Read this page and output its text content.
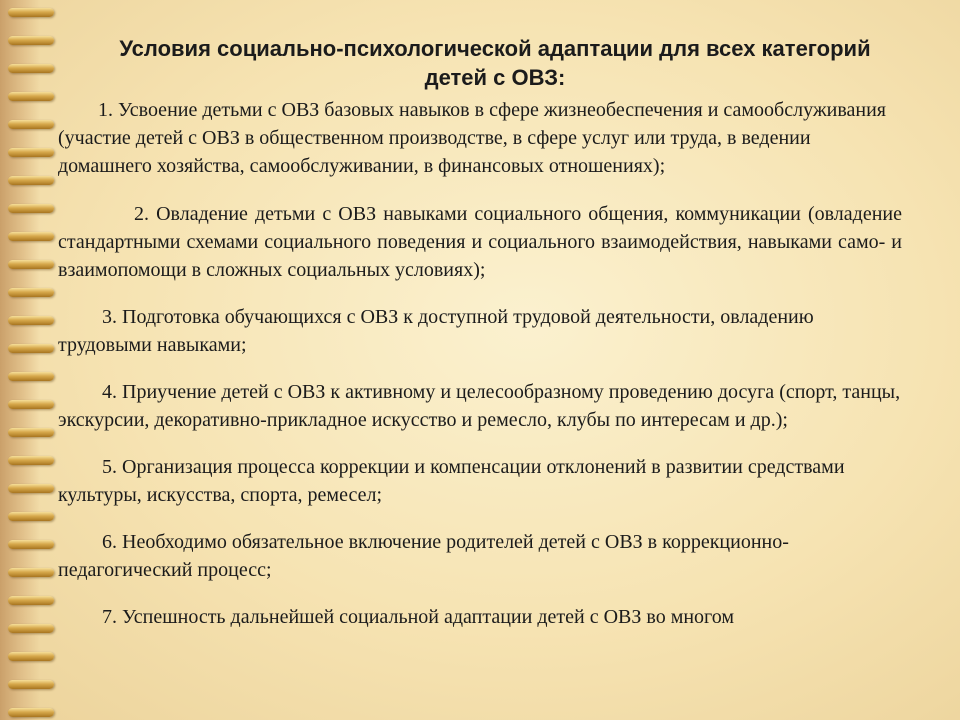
Условия социально-психологической адаптации для всех категорий детей с ОВЗ:

1. Усвоение детьми с ОВЗ базовых навыков в сфере жизнеобеспечения и самообслуживания (участие детей с ОВЗ в общественном производстве, в сфере услуг или труда, в ведении домашнего хозяйства, самообслуживании, в финансовых отношениях);

2. Овладение детьми с ОВЗ навыками социального общения, коммуникации (овладение стандартными схемами социального поведения и социального взаимодействия, навыками само- и взаимопомощи в сложных социальных условиях);

3. Подготовка обучающихся с ОВЗ к доступной трудовой деятельности, овладению трудовыми навыками;

4. Приучение детей с ОВЗ к активному и целесообразному проведению досуга (спорт, танцы, экскурсии, декоративно-прикладное искусство и ремесло, клубы по интересам и др.);

5. Организация процесса коррекции и компенсации отклонений в развитии средствами культуры, искусства, спорта, ремесел;

6. Необходимо обязательное включение родителей детей с ОВЗ в коррекционно-педагогический процесс;

7. Успешность дальнейшей социальной адаптации детей с ОВЗ во многом
